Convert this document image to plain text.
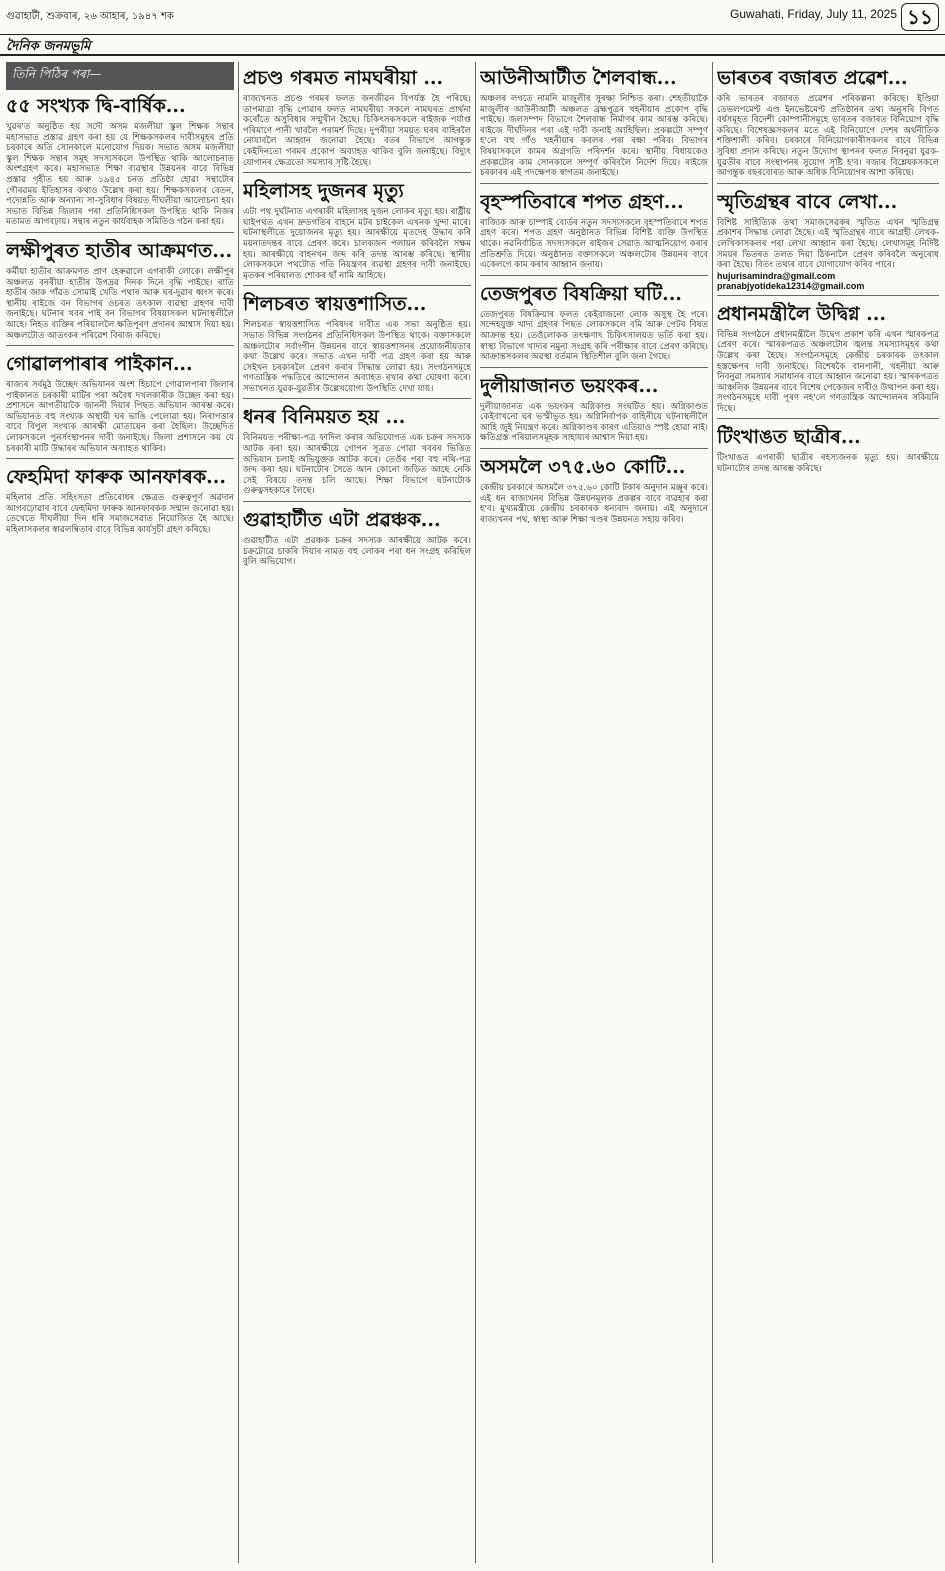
গুৱাহাটী, শুক্ৰবাৰ, ২৬ আহাৰ, ১৯৪৭ শক	Guwahati, Friday, July 11, 2025 ১১
দৈনিক জনমভূমি
তিনি পিঠিৰ পৰা—
৫৫ সংখ্যক দ্বি-বাৰ্ষিক...

খুৱৰ'ত অনুষ্ঠিত হয় সদৌ অসম মজলীয়া স্কুল শিক্ষক সন্থাৰ মহাসভাত প্ৰস্তাৱ গ্ৰহণ কৰা হয় যে শিক্ষকসকলৰ দাবীসমূহৰ প্ৰতি চৰকাৰে অতি সোনকালে মনোযোগ দিয়ক। সভাত অসম মজলীয়া স্কুল শিক্ষক সন্থাৰ সমূহ সদস্যসকলে উপস্থিত থাকি আলোচনাত অংশগ্ৰহণ কৰে। মহাসভাত শিক্ষা ব্যৱস্থাৰ উন্নয়নৰ বাবে বিভিন্ন প্ৰস্তাৱ গৃহীত হয় আৰু ১৯৪৫ চনত প্ৰতিষ্ঠা হোৱা সন্থাটোৰ গৌৰৱময় ইতিহাসৰ কথাও উল্লেখ কৰা হয়। শিক্ষকসকলৰ বেতন, পদোন্নতি আৰু অন্যান্য সা-সুবিধাৰ বিষয়ত দীঘলীয়া আলোচনা হয়। সভাত বিভিন্ন জিলাৰ পৰা প্ৰতিনিধিসকল উপস্থিত থাকি নিজৰ মতামত আগবঢ়ায়। সন্থাৰ নতুন কাৰ্যবাহক সমিতিও গঠন কৰা হয়।

লক্ষীপুৰত হাতীৰ আক্ৰমণত...

কৰ্মীয়া হাতীৰ আক্ৰমণত প্ৰাণ হেৰুৱালে এগৰাকী লোকে। লক্ষীপুৰ অঞ্চলত বনৰীয়া হাতীৰ উপদ্ৰৱ দিনক দিনে বৃদ্ধি পাইছে। ৰাতি হাতীৰ জাক গাঁৱত সোমাই খেতি পথাৰ আৰু ঘৰ-দুৱাৰ ধ্বংস কৰে। স্থানীয় ৰাইজে বন বিভাগৰ ওচৰত তৎকাল ব্যৱস্থা গ্ৰহণৰ দাবী জনাইছে। ঘটনাৰ খবৰ পাই বন বিভাগৰ বিষয়াসকল ঘটনাস্থলীলৈ আহে। নিহত ব্যক্তিৰ পৰিয়াললৈ ক্ষতিপূৰণ প্ৰদানৰ আশ্বাস দিয়া হয়। অঞ্চলটোত আতংকৰ পৰিৱেশ বিৰাজ কৰিছে।

গোৱালপাৰাৰ পাইকান...

ৰাজ্যৰ সৰ্বমুঠ উচ্ছেদ অভিযানৰ অংশ হিচাপে গোৱালপাৰা জিলাৰ পাইকানত চৰকাৰী মাটিৰ পৰা অবৈধ দখলকাৰীক উচ্ছেদ কৰা হয়। প্ৰশাসনে আগতীয়াকৈ জাননী দিয়াৰ পিছত অভিযান আৰম্ভ কৰে। অভিযানত বহু সংখ্যক অস্থায়ী ঘৰ ভাঙি পেলোৱা হয়। নিৰাপত্তাৰ বাবে বিপুল সংখ্যক আৰক্ষী মোতায়েন কৰা হৈছিল। উচ্ছেদিত লোকসকলে পুনৰ্সংস্থাপনৰ দাবী জনাইছে। জিলা প্ৰশাসনে কয় যে চৰকাৰী মাটি উদ্ধাৰৰ অভিযান অব্যাহত থাকিব।

ফেহমিদা ফাৰুক আনফাৰক...

মহিলাৰ প্ৰতি সহিংসতা প্ৰতিৰোধৰ ক্ষেত্ৰত গুৰুত্বপূৰ্ণ অৱদান আগবঢ়োৱাৰ বাবে ফেহমিদা ফাৰুক আনফাৰকক সন্মান জনোৱা হয়। তেখেতে দীঘলীয়া দিন ধৰি সমাজসেৱাত নিয়োজিত হৈ আছে। মহিলাসকলৰ স্বাৱলম্বিতাৰ বাবে বিভিন্ন কাৰ্যসূচী গ্ৰহণ কৰিছে।

প্ৰচণ্ড গৰমত নামঘৰীয়া ...

ৰাজ্যখনত প্ৰচণ্ড গৰমৰ ফলত জনজীৱন বিপৰ্যস্ত হৈ পৰিছে। তাপমাত্ৰা বৃদ্ধি পোৱাৰ ফলত নামঘৰীয়া সকলে নামঘৰত প্ৰাৰ্থনা কৰোঁতে অসুবিধাৰ সন্মুখীন হৈছে। চিকিৎসকসকলে ৰাইজক পৰ্যাপ্ত পৰিমাণে পানী খাবলৈ পৰামৰ্শ দিছে। দুপৰীয়া সময়ত ঘৰৰ বাহিৰলৈ নোযাবলৈ আহ্বান জনোৱা হৈছে। বতৰ বিভাগে আগন্তুক কেইদিনতো গৰমৰ প্ৰকোপ অব্যাহত থাকিব বুলি জনাইছে। বিদ্যুৎ যোগানৰ ক্ষেত্ৰতো সমস্যাৰ সৃষ্টি হৈছে।

মহিলাসহ দুজনৰ মৃত্যু

এটা পথ দুৰ্ঘটনাত এগৰাকী মহিলাসহ দুজন লোকৰ মৃত্যু হয়। ৰাষ্ট্ৰীয় ঘাইপথত এখন দ্ৰুতগতিৰ বাহনে মটৰ চাইকেল এখনক খুন্দা মাৰে। ঘটনাস্থলীতে দুয়োজনৰ মৃত্যু হয়। আৰক্ষীয়ে মৃতদেহ উদ্ধাৰ কৰি ময়নাতদন্তৰ বাবে প্ৰেৰণ কৰে। চালকজন পলায়ন কৰিবলৈ সক্ষম হয়। আৰক্ষীয়ে বাহনখন জব্দ কৰি তদন্ত আৰম্ভ কৰিছে। স্থানীয় লোকসকলে পথটোত গতি নিয়ন্ত্ৰণৰ ব্যৱস্থা গ্ৰহণৰ দাবী জনাইছে। মৃতকৰ পৰিয়ালত শোকৰ ছাঁ নামি আহিছে।

শিলচৰত স্বায়ত্তশাসিত...

শিলচৰত স্বায়ত্তশাসিত পৰিষদৰ দাবীত এক সভা অনুষ্ঠিত হয়। সভাত বিভিন্ন সংগঠনৰ প্ৰতিনিধিসকল উপস্থিত থাকে। বক্তাসকলে অঞ্চলটোৰ সৰ্বাংগীন উন্নয়নৰ বাবে স্বায়ত্তশাসনৰ প্ৰয়োজনীয়তাৰ কথা উল্লেখ কৰে। সভাত এখন দাবী পত্ৰ গ্ৰহণ কৰা হয় আৰু সেইখন চৰকাৰলৈ প্ৰেৰণ কৰাৰ সিদ্ধান্ত লোৱা হয়। সংগঠনসমূহে গণতান্ত্ৰিক পদ্ধতিৰে আন্দোলন অব্যাহত ৰখাৰ কথা ঘোষণা কৰে। সভাখনত যুৱক-যুৱতীৰ উল্লেখযোগ্য উপস্থিতি দেখা যায়।

ধনৰ বিনিময়ত হয় ...

বিনিময়ত পৰীক্ষা-পত্ৰ ফাদিল কৰাৰ অভিযোগত এক চক্ৰৰ সদস্যক আটক কৰা হয়। আৰক্ষীয়ে গোপন সূত্ৰত পোৱা খবৰৰ ভিত্তিত অভিযান চলাই অভিযুক্তক আটক কৰে। তেওঁৰ পৰা বহু নথি-পত্ৰ জব্দ কৰা হয়। ঘটনাটোৰ সৈতে আন কোনো জড়িত আছে নেকি সেই বিষয়ে তদন্ত চলি আছে। শিক্ষা বিভাগে ঘটনাটোক গুৰুত্বসহকাৰে লৈছে।

গুৱাহাটীত এটা প্ৰৱঞ্চক...

গুৱাহাটীত এটা প্ৰৱঞ্চক চক্ৰৰ সদস্যক আৰক্ষীয়ে আটক কৰে। চক্ৰটোৱে চাকৰি দিয়াৰ নামত বহু লোকৰ পৰা ধন সংগ্ৰহ কৰিছিল বুলি অভিযোগ।

আউনীআটীত শৈলবান্ধ...

অঞ্চলৰ লগতে নামনি মাজুলীৰ সুৰক্ষা নিশ্চিত কৰা। শেহতীয়াকৈ মাজুলীৰ আউনীআটী অঞ্চলত ব্ৰহ্মপুত্ৰৰ খহনীয়াৰ প্ৰকোপ বৃদ্ধি পাইছে। জলসম্পদ বিভাগে শৈলবান্ধ নিৰ্মাণৰ কাম আৰম্ভ কৰিছে। ৰাইজে দীৰ্ঘদিনৰ পৰা এই দাবী জনাই আহিছিল। প্ৰকল্পটো সম্পূৰ্ণ হ'লে বহু গাঁও খহনীয়াৰ কবলৰ পৰা ৰক্ষা পৰিব। বিভাগৰ বিষয়াসকলে কামৰ অগ্ৰগতি পৰিদৰ্শন কৰে। স্থানীয় বিধায়কেও প্ৰকল্পটোৰ কাম সোনকালে সম্পূৰ্ণ কৰিবলৈ নিৰ্দেশ দিয়ে। ৰাইজে চৰকাৰৰ এই পদক্ষেপক স্বাগতম জনাইছে।

বৃহস্পতিবাৰে শপত গ্ৰহণ...

ৰাজ্যিক আৰু চাম্পাই বোৰ্ডৰ নতুন সদস্যসকলে বৃহস্পতিবাৰে শপত গ্ৰহণ কৰে। শপত গ্ৰহণ অনুষ্ঠানত বিভিন্ন বিশিষ্ট ব্যক্তি উপস্থিত থাকে। নৱনিৰ্বাচিত সদস্যসকলে ৰাইজৰ সেৱাত আত্মনিয়োগ কৰাৰ প্ৰতিশ্ৰুতি দিয়ে। অনুষ্ঠানত বক্তাসকলে অঞ্চলটোৰ উন্নয়নৰ বাবে একেলগে কাম কৰাৰ আহ্বান জনায়।

তেজপুৰত বিষক্ৰিয়া ঘটি...

তেজপুৰত বিষক্ৰিয়াৰ ফলত কেইবাজনো লোক অসুস্থ হৈ পৰে। সন্দেহযুক্ত খাদ্য গ্ৰহণৰ পিছত লোকসকলে বমি আৰু পেটৰ বিষত আক্ৰান্ত হয়। তেওঁলোকক তৎক্ষণাৎ চিকিৎসালয়ত ভৰ্তি কৰা হয়। স্বাস্থ্য বিভাগে খাদ্যৰ নমুনা সংগ্ৰহ কৰি পৰীক্ষাৰ বাবে প্ৰেৰণ কৰিছে। আক্ৰান্তসকলৰ অৱস্থা বৰ্তমান স্থিতিশীল বুলি জনা গৈছে।

দুলীয়াজানত ভয়ংকৰ...

দুলীয়াজানত এক ভয়ংকৰ অগ্নিকাণ্ড সংঘটিত হয়। অগ্নিকাণ্ডত কেইবাখনো ঘৰ ভস্মীভূত হয়। অগ্নিনিৰ্বাপক বাহিনীয়ে ঘটনাস্থলীলৈ আহি জুই নিয়ন্ত্ৰণ কৰে। অগ্নিকাণ্ডৰ কাৰণ এতিয়াও স্পষ্ট হোৱা নাই। ক্ষতিগ্ৰস্ত পৰিয়ালসমূহক সাহায্যৰ আশ্বাস দিয়া হয়।

অসমলৈ ৩৭৫.৬০ কোটি...

কেন্দ্ৰীয় চৰকাৰে অসমলৈ ৩৭৫.৬০ কোটি টকাৰ অনুদান মঞ্জুৰ কৰে। এই ধন ৰাজ্যখনৰ বিভিন্ন উন্নয়নমূলক প্ৰকল্পৰ বাবে ব্যৱহাৰ কৰা হ'ব। মুখ্যমন্ত্ৰীয়ে কেন্দ্ৰীয় চৰকাৰক ধন্যবাদ জনায়। এই অনুদানে ৰাজ্যখনৰ পথ, স্বাস্থ্য আৰু শিক্ষা খণ্ডৰ উন্নয়নত সহায় কৰিব।

ভাৰতৰ বজাৰত প্ৰৱেশ...

কৰি ভাৰতৰ বজাৰত প্ৰৱেশৰ পৰিকল্পনা কৰিছে। ইণ্ডিয়া ডেভলপমেণ্ট এণ্ড ইনভেষ্টমেণ্ট প্ৰতিষ্ঠানৰ তথ্য অনুসৰি বিগত বৰ্ষসমূহত বিদেশী কোম্পানীসমূহে ভাৰতৰ বজাৰত বিনিয়োগ বৃদ্ধি কৰিছে। বিশেষজ্ঞসকলৰ মতে এই বিনিয়োগে দেশৰ অৰ্থনীতিক শক্তিশালী কৰিব। চৰকাৰে বিনিয়োগকাৰীসকলৰ বাবে বিভিন্ন সুবিধা প্ৰদান কৰিছে। নতুন উদ্যোগ স্থাপনৰ ফলত নিবনুৱা যুৱক-যুৱতীৰ বাবে সংস্থাপনৰ সুযোগ সৃষ্টি হ'ব। বজাৰ বিশ্লেষকসকলে আগন্তুক বছৰবোৰত আৰু অধিক বিনিয়োগৰ আশা কৰিছে।

স্মৃতিগ্ৰন্থৰ বাবে লেখা...

বিশিষ্ট সাহিত্যিক তথা সমাজসেৱকৰ স্মৃতিত এখন স্মৃতিগ্ৰন্থ প্ৰকাশৰ সিদ্ধান্ত লোৱা হৈছে। এই স্মৃতিগ্ৰন্থৰ বাবে আগ্ৰহী লেখক-লেখিকাসকলৰ পৰা লেখা আহ্বান কৰা হৈছে। লেখাসমূহ নিৰ্দিষ্ট সময়ৰ ভিতৰত তলত দিয়া ঠিকনালৈ প্ৰেৰণ কৰিবলৈ অনুৰোধ কৰা হৈছে। বিতং তথ্যৰ বাবে যোগাযোগ কৰিব পাৰে।

hujurisamindra@gmail.com
pranabjyotideka12314@gmail.com
প্ৰধানমন্ত্ৰীলৈ উদ্বিগ্ন ...

বিভিন্ন সংগঠনে প্ৰধানমন্ত্ৰীলৈ উদ্বেগ প্ৰকাশ কৰি এখন স্মাৰকপত্ৰ প্ৰেৰণ কৰে। স্মাৰকপত্ৰত অঞ্চলটোৰ জ্বলন্ত সমস্যাসমূহৰ কথা উল্লেখ কৰা হৈছে। সংগঠনসমূহে কেন্দ্ৰীয় চৰকাৰক তৎকাল হস্তক্ষেপৰ দাবী জনাইছে। বিশেষকৈ বানপানী, খহনীয়া আৰু নিবনুৱা সমস্যাৰ সমাধানৰ বাবে আহ্বান জনোৱা হয়। স্মাৰকপত্ৰত আঞ্চলিক উন্নয়নৰ বাবে বিশেষ পেকেজৰ দাবীও উত্থাপন কৰা হয়। সংগঠনসমূহে দাবী পূৰণ নহ'লে গণতান্ত্ৰিক আন্দোলনৰ সকিয়নি দিছে।

টিংখাঙত ছাত্ৰীৰ...

টিংখাঙত এগৰাকী ছাত্ৰীৰ ৰহস্যজনক মৃত্যু হয়। আৰক্ষীয়ে ঘটনাটোৰ তদন্ত আৰম্ভ কৰিছে।
